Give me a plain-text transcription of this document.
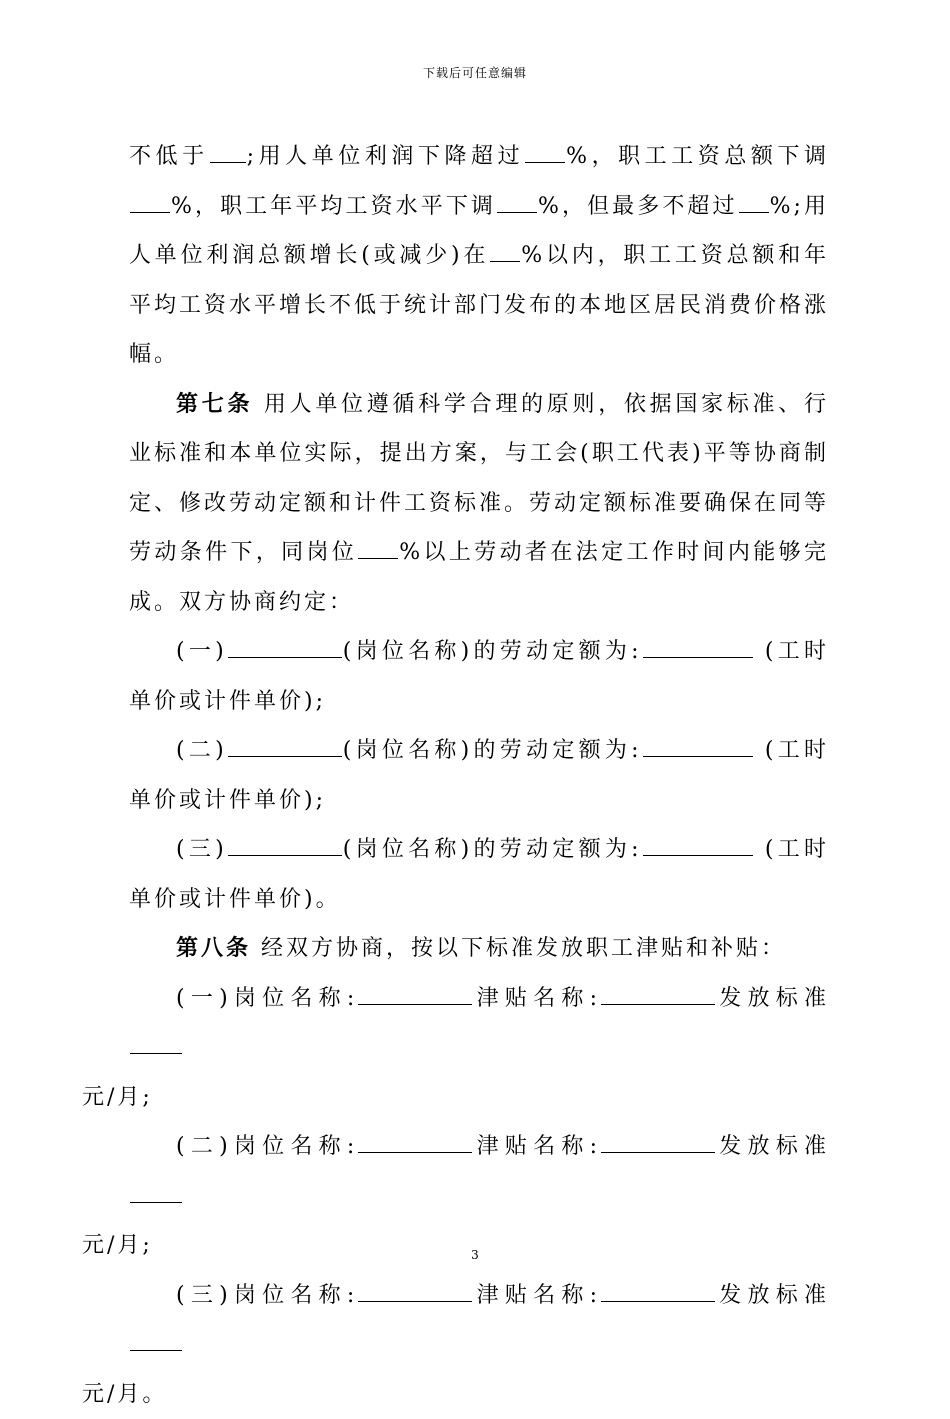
下载后可任意编辑

不低于 ;用人单位利润下降超过 %，职工工资总额下调%，职工年平均工资水平下调 %，但最多不超过 %;用人单位利润总额增长(或减少)在 %以内，职工工资总额和年平均工资水平增长不低于统计部门发布的本地区居民消费价格涨幅。

第七条 用人单位遵循科学合理的原则，依据国家标准、行业标准和本单位实际，提出方案，与工会(职工代表)平等协商制定、修改劳动定额和计件工资标准。劳动定额标准要确保在同等劳动条件下，同岗位 %以上劳动者在法定工作时间内能够完成。双方协商约定：

(一)	(岗位名称)的劳动定额为:	(工时单价或计件单价);

(二)	(岗位名称)的劳动定额为:	(工时单价或计件单价);

(三)	(岗位名称)的劳动定额为:	(工时单价或计件单价)。

第八条 经双方协商，按以下标准发放职工津贴和补贴：

(一)岗位名称:	津贴名称:	发放标准
元/月;

(二)岗位名称:	津贴名称:	发放标准
元/月;

(三)岗位名称:	津贴名称:	发放标准
元/月。

3
